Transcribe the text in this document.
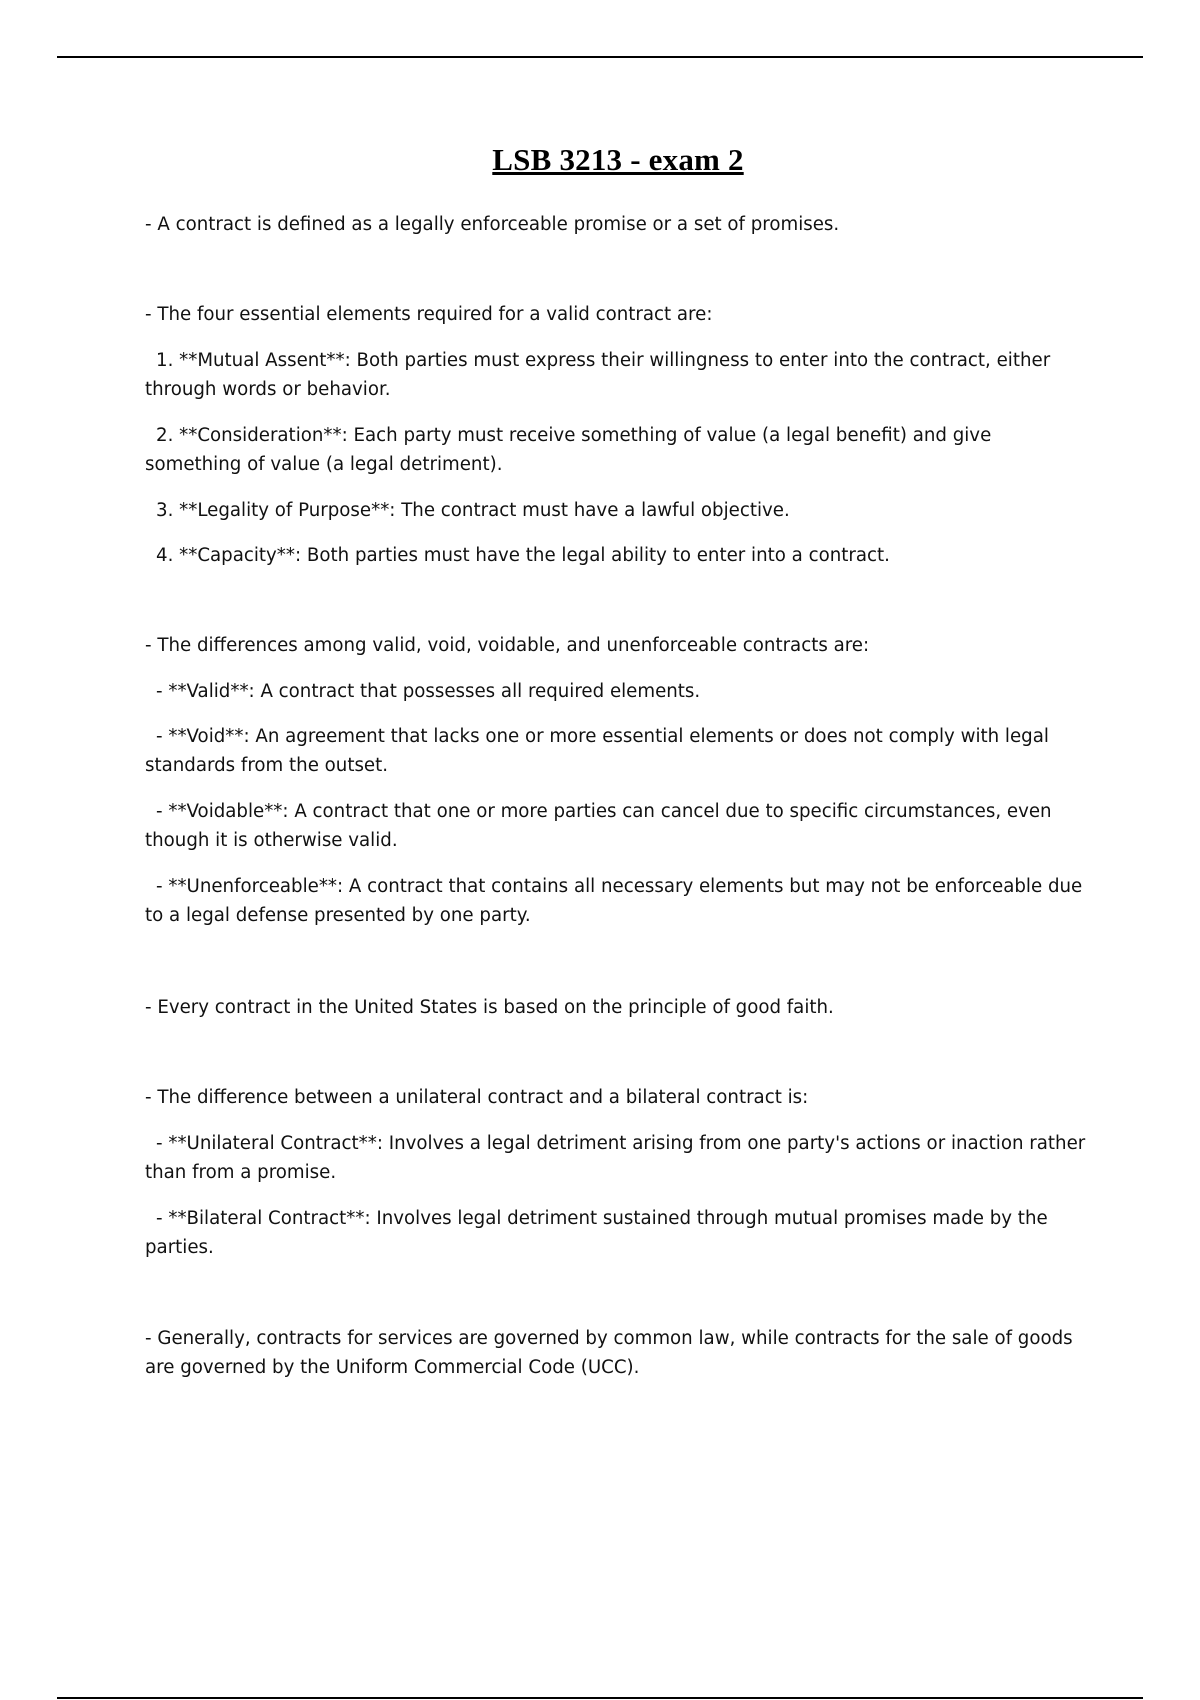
LSB 3213 - exam 2

- A contract is defined as a legally enforceable promise or a set of promises.

- The four essential elements required for a valid contract are:

1. **Mutual Assent**: Both parties must express their willingness to enter into the contract, either through words or behavior.

2. **Consideration**: Each party must receive something of value (a legal benefit) and give something of value (a legal detriment).

3. **Legality of Purpose**: The contract must have a lawful objective.

4. **Capacity**: Both parties must have the legal ability to enter into a contract.

- The differences among valid, void, voidable, and unenforceable contracts are:

- **Valid**: A contract that possesses all required elements.

- **Void**: An agreement that lacks one or more essential elements or does not comply with legal standards from the outset.

- **Voidable**: A contract that one or more parties can cancel due to specific circumstances, even though it is otherwise valid.

- **Unenforceable**: A contract that contains all necessary elements but may not be enforceable due to a legal defense presented by one party.

- Every contract in the United States is based on the principle of good faith.

- The difference between a unilateral contract and a bilateral contract is:

- **Unilateral Contract**: Involves a legal detriment arising from one party's actions or inaction rather than from a promise.

- **Bilateral Contract**: Involves legal detriment sustained through mutual promises made by the parties.

- Generally, contracts for services are governed by common law, while contracts for the sale of goods are governed by the Uniform Commercial Code (UCC).
